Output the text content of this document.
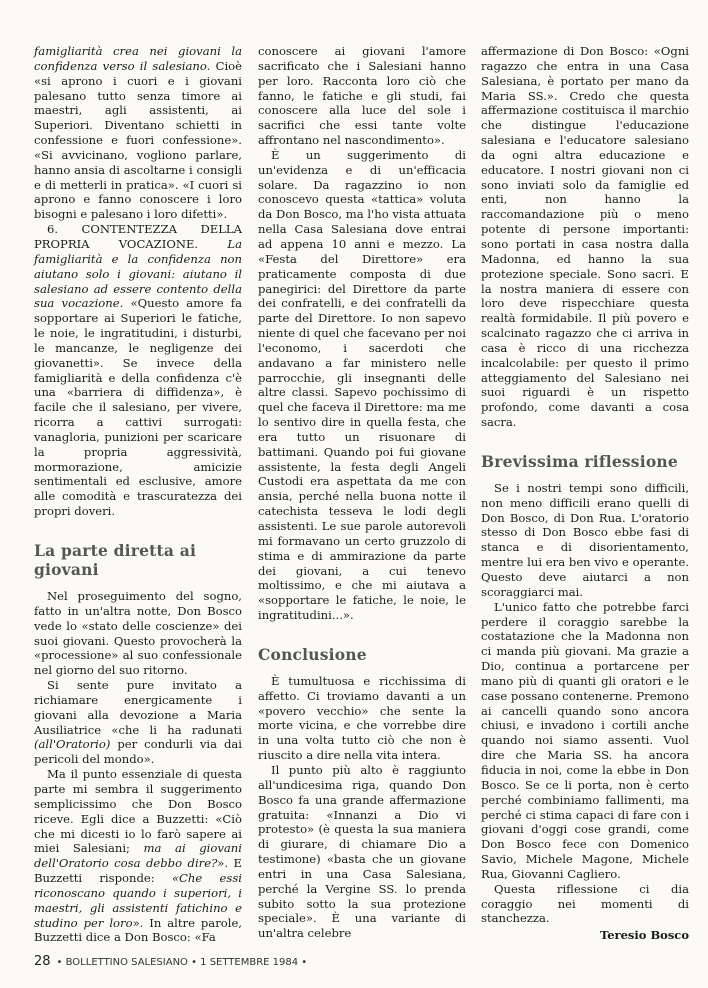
famigliarità crea nei giovani la confidenza verso il salesiano. Cioè «si aprono i cuori e i giovani palesano tutto senza timore ai maestri, agli assistenti, ai Superiori. Diventano schietti in confessione e fuori confessione». «Si avvicinano, vogliono parlare, hanno ansia di ascoltarne i consigli e di metterli in pratica». «I cuori si aprono e fanno conoscere i loro bisogni e palesano i loro difetti».

6. CONTENTEZZA DELLA PROPRIA VOCAZIONE. La famigliarità e la confidenza non aiutano solo i giovani: aiutano il salesiano ad essere contento della sua vocazione. «Questo amore fa sopportare ai Superiori le fatiche, le noie, le ingratitudini, i disturbi, le mancanze, le negligenze dei giovanetti». Se invece della famigliarità e della confidenza c'è una «barriera di diffidenza», è facile che il salesiano, per vivere, ricorra a cattivi surrogati: vanagloria, punizioni per scaricare la propria aggressività, mormorazione, amicizie sentimentali ed esclusive, amore alle comodità e trascuratezza dei propri doveri.

La parte diretta ai giovani

Nel proseguimento del sogno, fatto in un'altra notte, Don Bosco vede lo «stato delle coscienze» dei suoi giovani. Questo provocherà la «processione» al suo confessionale nel giorno del suo ritorno.

Si sente pure invitato a richiamare energicamente i giovani alla devozione a Maria Ausiliatrice «che li ha radunati (all'Oratorio) per condurli via dai pericoli del mondo».

Ma il punto essenziale di questa parte mi sembra il suggerimento semplicissimo che Don Bosco riceve. Egli dice a Buzzetti: «Ciò che mi dicesti io lo farò sapere ai miei Salesiani; ma ai giovani dell'Oratorio cosa debbo dire?». E Buzzetti risponde: «Che essi riconoscano quando i superiori, i maestri, gli assistenti fatichino e studino per loro». In altre parole, Buzzetti dice a Don Bosco: «Fa

conoscere ai giovani l'amore sacrificato che i Salesiani hanno per loro. Racconta loro ciò che fanno, le fatiche e gli studi, fai conoscere alla luce del sole i sacrifici che essi tante volte affrontano nel nascondimento».

È un suggerimento di un'evidenza e di un'efficacia solare. Da ragazzino io non conoscevo questa «tattica» voluta da Don Bosco, ma l'ho vista attuata nella Casa Salesiana dove entrai ad appena 10 anni e mezzo. La «Festa del Direttore» era praticamente composta di due panegirici: del Direttore da parte dei confratelli, e dei confratelli da parte del Direttore. Io non sapevo niente di quel che facevano per noi l'economo, i sacerdoti che andavano a far ministero nelle parrocchie, gli insegnanti delle altre classi. Sapevo pochissimo di quel che faceva il Direttore: ma me lo sentivo dire in quella festa, che era tutto un risuonare di battimani. Quando poi fui giovane assistente, la festa degli Angeli Custodi era aspettata da me con ansia, perché nella buona notte il catechista tesseva le lodi degli assistenti. Le sue parole autorevoli mi formavano un certo gruzzolo di stima e di ammirazione da parte dei giovani, a cui tenevo moltissimo, e che mi aiutava a «sopportare le fatiche, le noie, le ingratitudini...».

Conclusione

È tumultuosa e ricchissima di affetto. Ci troviamo davanti a un «povero vecchio» che sente la morte vicina, e che vorrebbe dire in una volta tutto ciò che non è riuscito a dire nella vita intera.

Il punto più alto è raggiunto all'undicesima riga, quando Don Bosco fa una grande affermazione gratuita: «Innanzi a Dio vi protesto» (è questa la sua maniera di giurare, di chiamare Dio a testimone) «basta che un giovane entri in una Casa Salesiana, perché la Vergine SS. lo prenda subito sotto la sua protezione speciale». È una variante di un'altra celebre

affermazione di Don Bosco: «Ogni ragazzo che entra in una Casa Salesiana, è portato per mano da Maria SS.». Credo che questa affermazione costituisca il marchio che distingue l'educazione salesiana e l'educatore salesiano da ogni altra educazione e educatore. I nostri giovani non ci sono inviati solo da famiglie ed enti, non hanno la raccomandazione più o meno potente di persone importanti: sono portati in casa nostra dalla Madonna, ed hanno la sua protezione speciale. Sono sacri. E la nostra maniera di essere con loro deve rispecchiare questa realtà formidabile. Il più povero e scalcinato ragazzo che ci arriva in casa è ricco di una ricchezza incalcolabile: per questo il primo atteggiamento del Salesiano nei suoi riguardi è un rispetto profondo, come davanti a cosa sacra.

Brevissima riflessione

Se i nostri tempi sono difficili, non meno difficili erano quelli di Don Bosco, di Don Rua. L'oratorio stesso di Don Bosco ebbe fasi di stanca e di disorientamento, mentre lui era ben vivo e operante. Questo deve aiutarci a non scoraggiarci mai.

L'unico fatto che potrebbe farci perdere il coraggio sarebbe la costatazione che la Madonna non ci manda più giovani. Ma grazie a Dio, continua a portarcene per mano più di quanti gli oratori e le case possano contenerne. Premono ai cancelli quando sono ancora chiusi, e invadono i cortili anche quando noi siamo assenti. Vuol dire che Maria SS. ha ancora fiducia in noi, come la ebbe in Don Bosco. Se ce li porta, non è certo perché combiniamo fallimenti, ma perché ci stima capaci di fare con i giovani d'oggi cose grandi, come Don Bosco fece con Domenico Savio, Michele Magone, Michele Rua, Giovanni Cagliero.

Questa riflessione ci dia coraggio nei momenti di stanchezza.

Teresio Bosco
28 • BOLLETTINO SALESIANO • 1 SETTEMBRE 1984 •
